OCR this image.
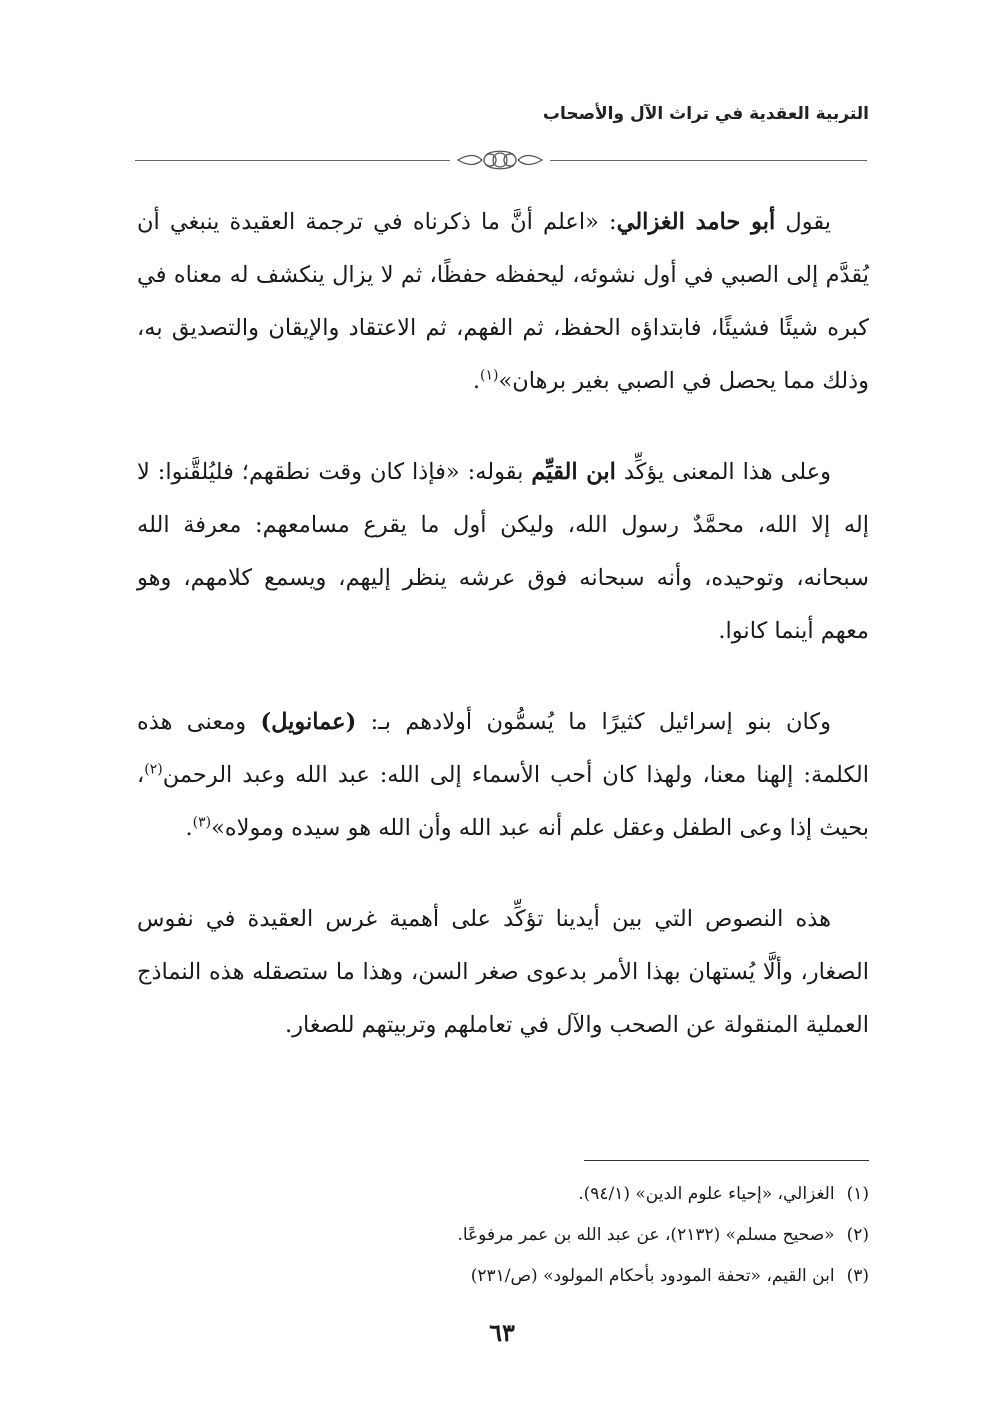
التربية العقدية في تراث الآل والأصحاب

يقول أبو حامد الغزالي: «اعلم أنَّ ما ذكرناه في ترجمة العقيدة ينبغي أن يُقدَّم إلى الصبي في أول نشوئه، ليحفظه حفظًا، ثم لا يزال ينكشف له معناه في كبره شيئًا فشيئًا، فابتداؤه الحفظ، ثم الفهم، ثم الاعتقاد والإيقان والتصديق به، وذلك مما يحصل في الصبي بغير برهان»$^{(١)}$.

وعلى هذا المعنى يؤكِّد ابن القيِّم بقوله: «فإذا كان وقت نطقهم؛ فليُلقَّنوا: لا إله إلا الله، محمَّدٌ رسول الله، وليكن أول ما يقرع مسامعهم: معرفة الله سبحانه، وتوحيده، وأنه سبحانه فوق عرشه ينظر إليهم، ويسمع كلامهم، وهو معهم أينما كانوا.

وكان بنو إسرائيل كثيرًا ما يُسمُّون أولادهم بـ: (عمانويل) ومعنى هذه الكلمة: إلهنا معنا، ولهذا كان أحب الأسماء إلى الله: عبد الله وعبد الرحمن$^{(٢)}$، بحيث إذا وعى الطفل وعقل علم أنه عبد الله وأن الله هو سيده ومولاه»$^{(٣)}$.

هذه النصوص التي بين أيدينا تؤكِّد على أهمية غرس العقيدة في نفوس الصغار، وألَّا يُستهان بهذا الأمر بدعوى صغر السن، وهذا ما ستصقله هذه النماذج العملية المنقولة عن الصحب والآل في تعاملهم وتربيتهم للصغار.

(١)الغزالي، «إحياء علوم الدين» (٩٤/١).

(٢)«صحيح مسلم» (٢١٣٢)، عن عبد الله بن عمر مرفوعًا.

(٣)ابن القيم، «تحفة المودود بأحكام المولود» (ص/٢٣١)

٦٣
